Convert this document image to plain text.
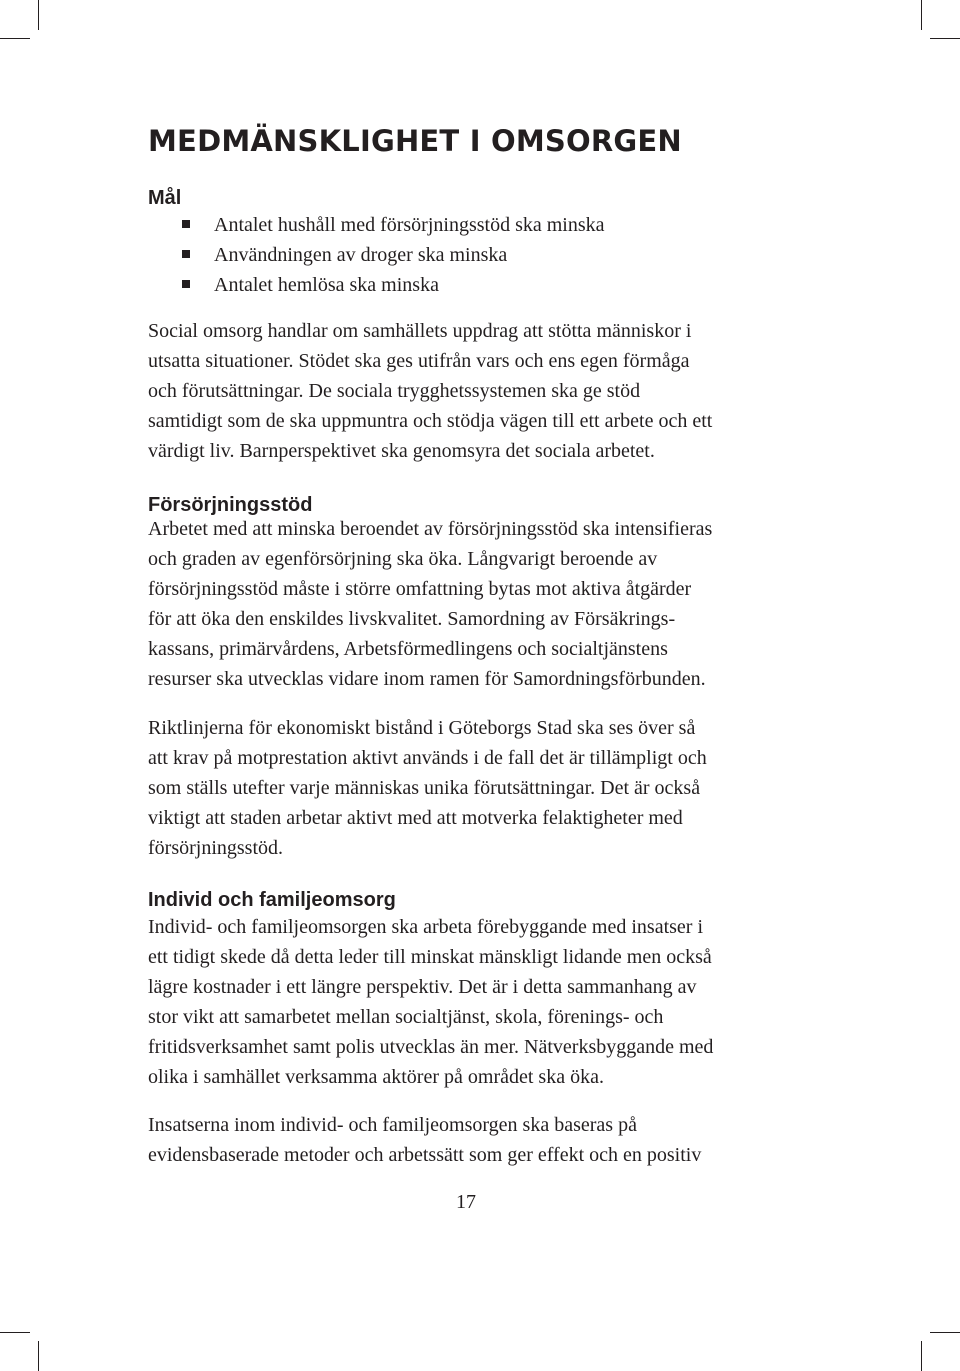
MEDMÄNSKLIGHET I OMSORGEN
Mål
Antalet hushåll med försörjningsstöd ska minska
Användningen av droger ska minska
Antalet hemlösa ska minska
Social omsorg handlar om samhällets uppdrag att stötta människor i
utsatta situationer. Stödet ska ges utifrån vars och ens egen förmåga
och förutsättningar. De sociala trygghetssystemen ska ge stöd
samtidigt som de ska uppmuntra och stödja vägen till ett arbete och ett
värdigt liv. Barnperspektivet ska genomsyra det sociala arbetet.
Försörjningsstöd
Arbetet med att minska beroendet av försörjningsstöd ska intensifieras
och graden av egenförsörjning ska öka. Långvarigt beroende av
försörjningsstöd måste i större omfattning bytas mot aktiva åtgärder
för att öka den enskildes livskvalitet. Samordning av Försäkrings-
kassans, primärvårdens, Arbetsförmedlingens och socialtjänstens
resurser ska utvecklas vidare inom ramen för Samordningsförbunden.
Riktlinjerna för ekonomiskt bistånd i Göteborgs Stad ska ses över så
att krav på motprestation aktivt används i de fall det är tillämpligt och
som ställs utefter varje människas unika förutsättningar. Det är också
viktigt att staden arbetar aktivt med att motverka felaktigheter med
försörjningsstöd.
Individ och familjeomsorg
Individ- och familjeomsorgen ska arbeta förebyggande med insatser i
ett tidigt skede då detta leder till minskat mänskligt lidande men också
lägre kostnader i ett längre perspektiv. Det är i detta sammanhang av
stor vikt att samarbetet mellan socialtjänst, skola, förenings- och
fritidsverksamhet samt polis utvecklas än mer. Nätverksbyggande med
olika i samhället verksamma aktörer på området ska öka.
Insatserna inom individ- och familjeomsorgen ska baseras på
evidensbaserade metoder och arbetssätt som ger effekt och en positiv
17
